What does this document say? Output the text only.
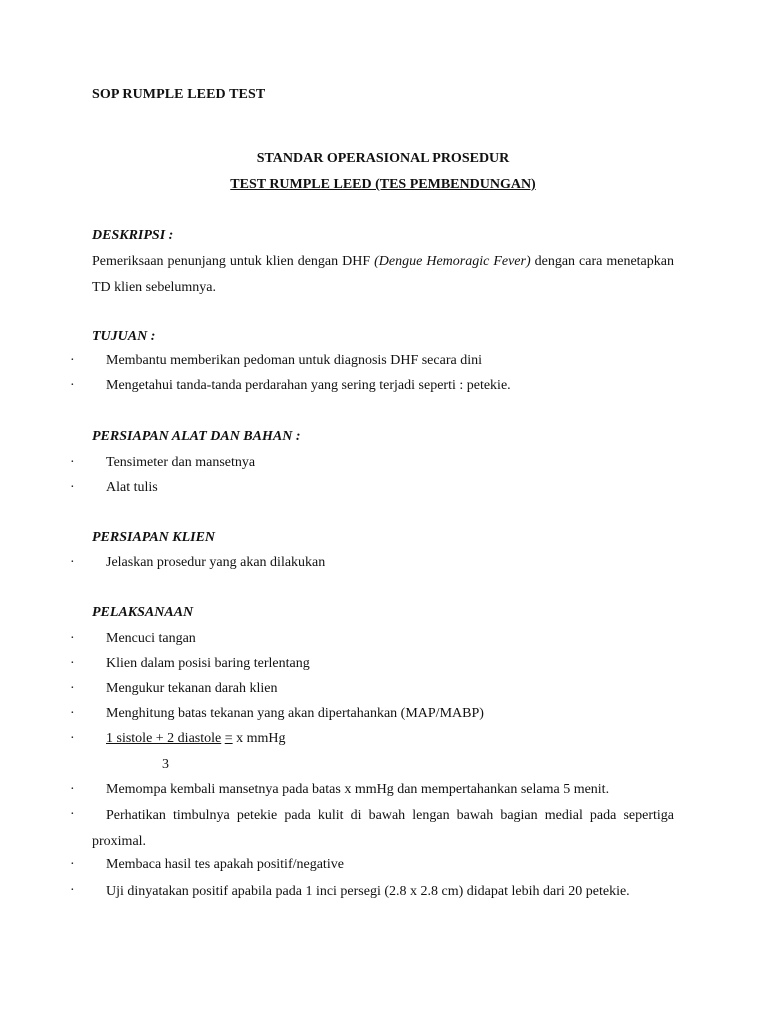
SOP RUMPLE LEED TEST
STANDAR OPERASIONAL PROSEDUR
TEST RUMPLE LEED (TES PEMBENDUNGAN)
DESKRIPSI :
Pemeriksaan penunjang untuk klien dengan DHF (Dengue Hemoragic Fever) dengan cara menetapkan TD klien sebelumnya.
TUJUAN :
· Membantu memberikan pedoman untuk diagnosis DHF secara dini
· Mengetahui tanda-tanda perdarahan yang sering terjadi seperti : petekie.
PERSIAPAN ALAT DAN BAHAN :
· Tensimeter dan mansetnya
· Alat tulis
PERSIAPAN KLIEN
· Jelaskan prosedur yang akan dilakukan
PELAKSANAAN
· Mencuci tangan
· Klien dalam posisi baring terlentang
· Mengukur tekanan darah klien
· Menghitung batas tekanan yang akan dipertahankan (MAP/MABP)
· 1 sistole + 2 diastole = x mmHg
3
· Memompa kembali mansetnya pada batas x mmHg dan mempertahankan selama 5 menit.
·	Perhatikan timbulnya petekie pada kulit di bawah lengan bawah bagian medial pada sepertiga proximal.
· Membaca hasil tes apakah positif/negative
·	Uji dinyatakan positif apabila pada 1 inci persegi (2.8 x 2.8 cm) didapat lebih dari 20 petekie.
